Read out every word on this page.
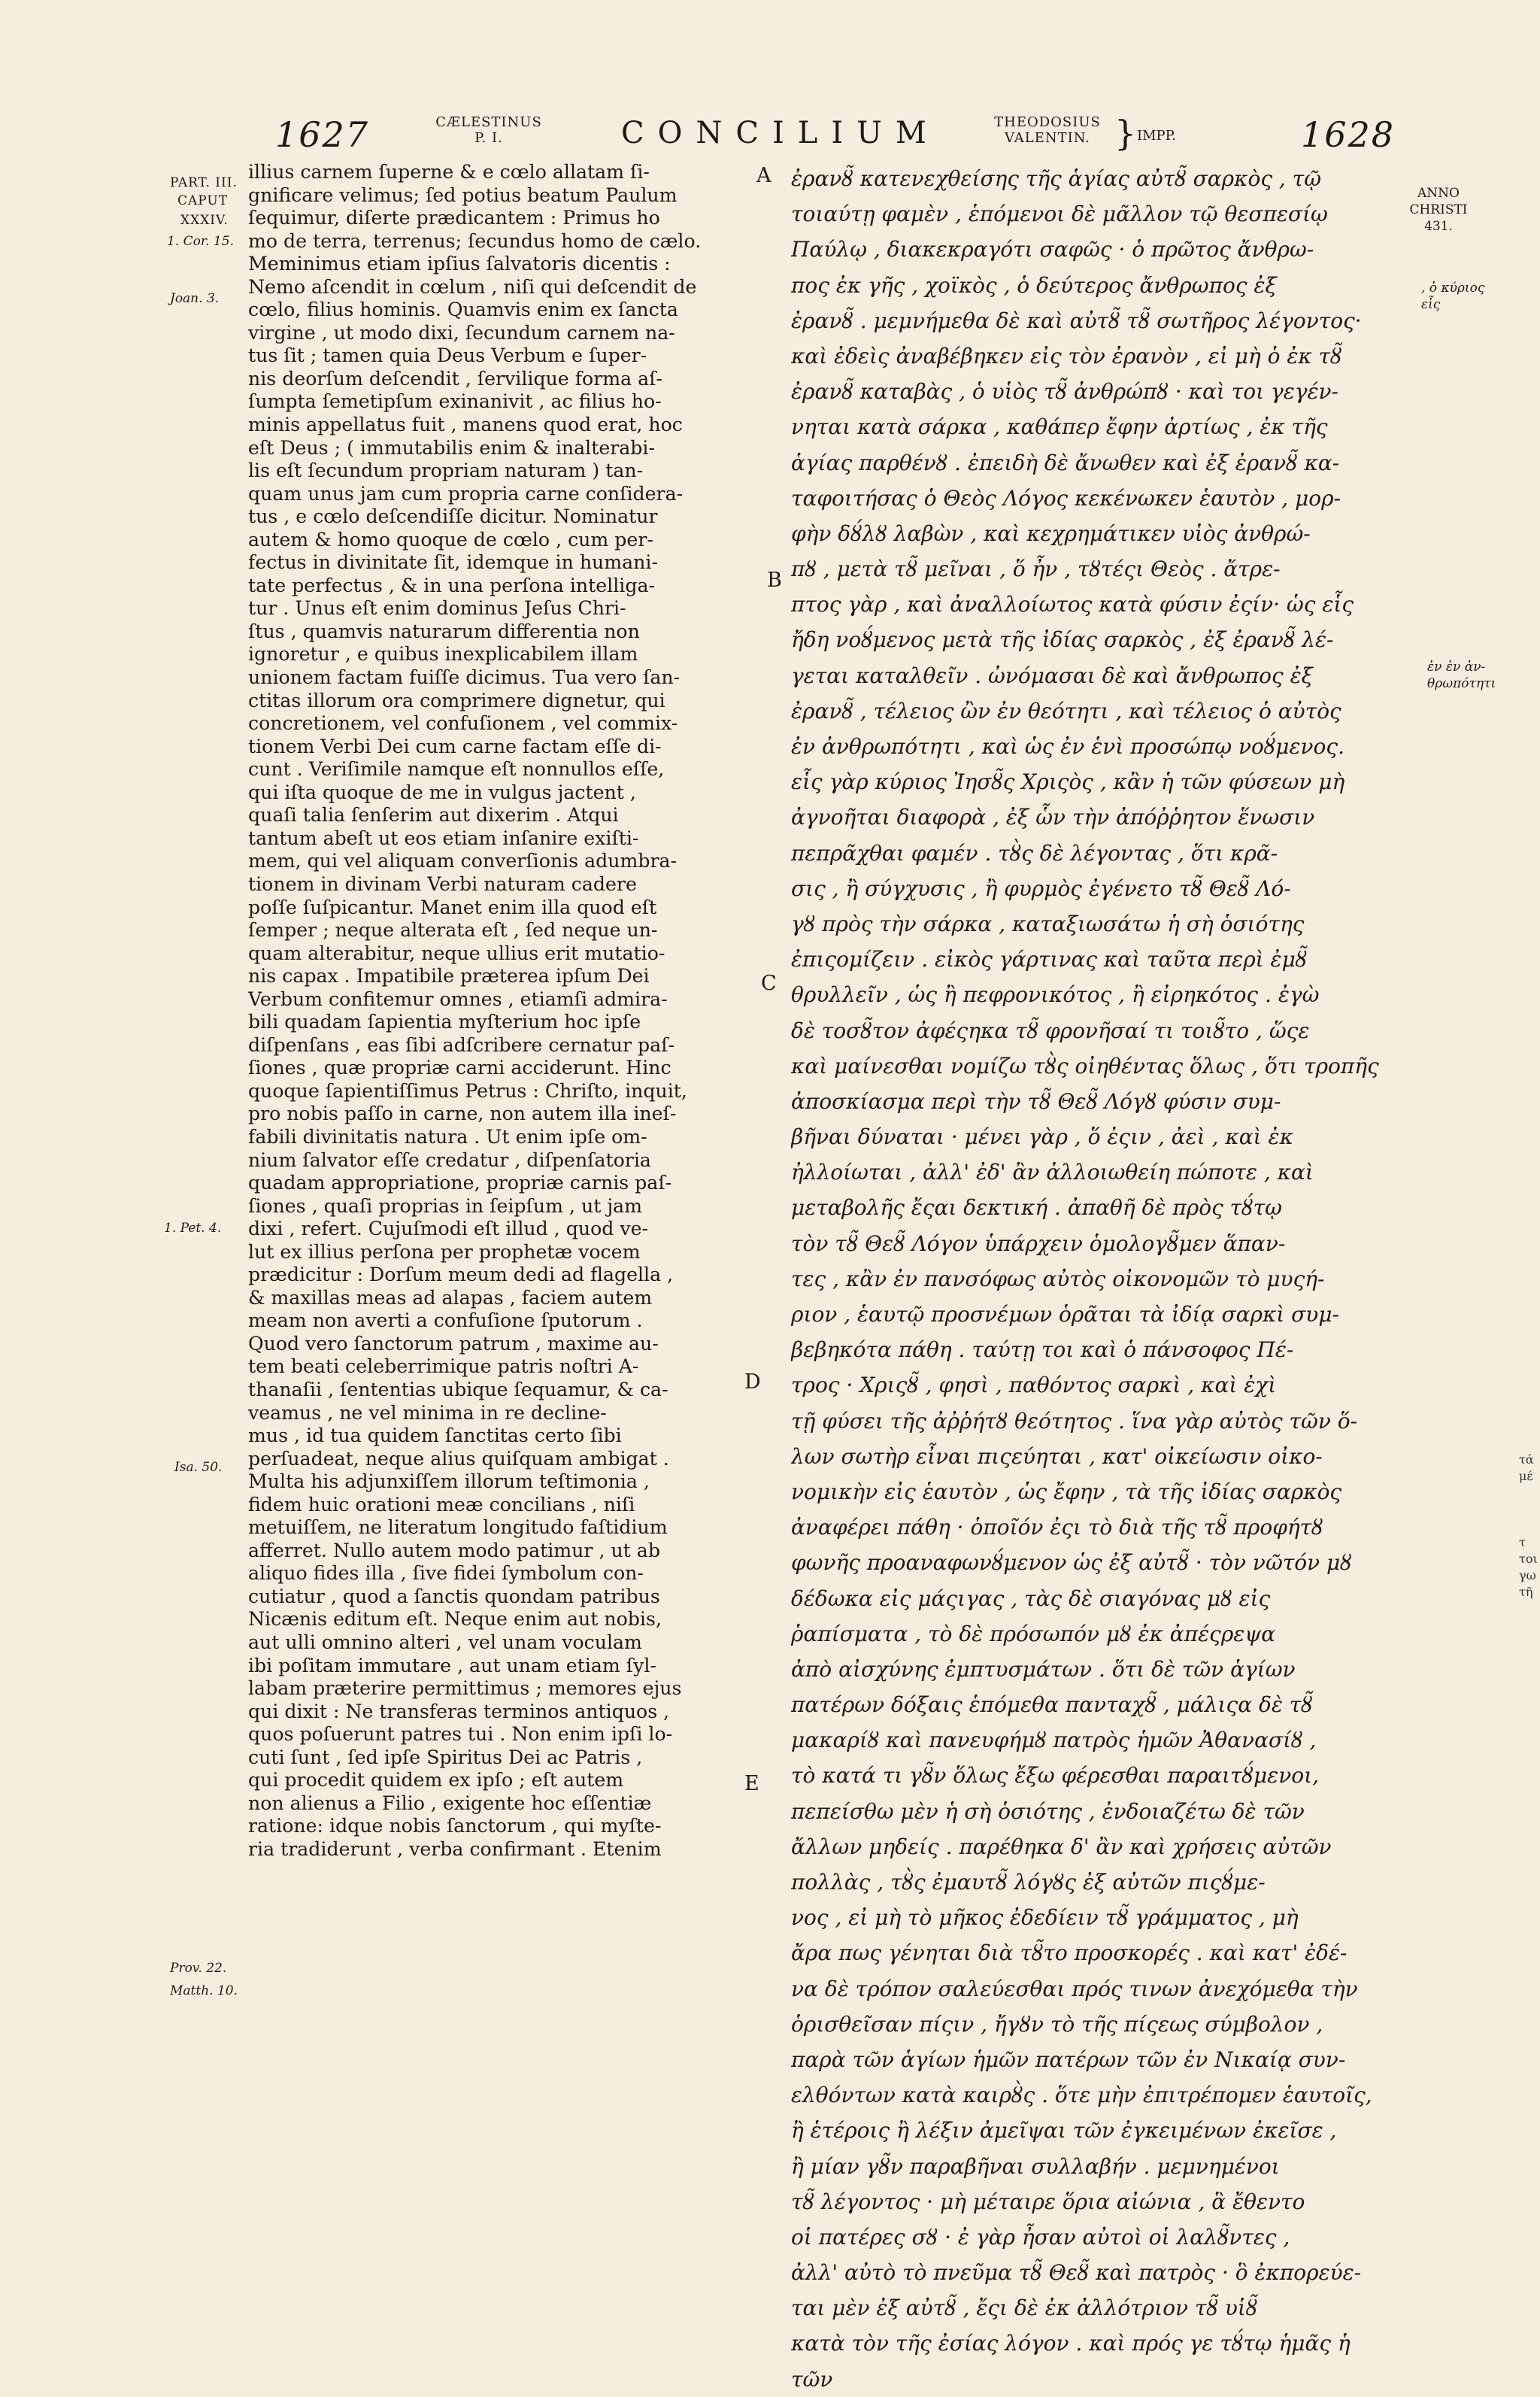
1627	CÆLESTINUS
P. I.	CONCILIUM	THEODOSIUS
VALENTIN. } IMPP.	1628
PART. III.
CAPUT
XXXIV.
1. Cor. 15.
Joan. 3.
1. Pet. 4.
Isa. 50.
Prov. 22.
Matth. 10.
illius carnem ſuperne & e cœlo allatam ſi-
gnificare velimus; ſed potius beatum Paulum
ſequimur, diſerte prædicantem : Primus ho
mo de terra, terrenus; ſecundus homo de cælo.
Meminimus etiam ipſius ſalvatoris dicentis :
Nemo aſcendit in cœlum , niſi qui deſcendit de
cœlo, filius hominis. Quamvis enim ex ſancta
virgine , ut modo dixi, ſecundum carnem na-
tus ſit ; tamen quia Deus Verbum e ſuper-
nis deorſum deſcendit , ſervilique forma aſ-
ſumpta ſemetipſum exinanivit , ac filius ho-
minis appellatus fuit , manens quod erat, hoc
eſt Deus ; ( immutabilis enim & inalterabi-
lis eſt ſecundum propriam naturam ) tan-
quam unus jam cum propria carne conſidera-
tus , e cœlo deſcendiſſe dicitur. Nominatur
autem & homo quoque de cœlo , cum per-
fectus in divinitate ſit, idemque in humani-
tate perfectus , & in una perſona intelliga-
tur . Unus eſt enim dominus Jeſus Chri-
ſtus , quamvis naturarum differentia non
ignoretur , e quibus inexplicabilem illam
unionem factam fuiſſe dicimus. Tua vero ſan-
ctitas illorum ora comprimere dignetur, qui
concretionem, vel confuſionem , vel commix-
tionem Verbi Dei cum carne factam eſſe di-
cunt . Veriſimile namque eſt nonnullos eſſe,
qui iſta quoque de me in vulgus jactent ,
quaſi talia ſenſerim aut dixerim . Atqui
tantum abeſt ut eos etiam inſanire exiſti-
mem, qui vel aliquam converſionis adumbra-
tionem in divinam Verbi naturam cadere
poſſe ſuſpicantur. Manet enim illa quod eſt
ſemper ; neque alterata eſt , ſed neque un-
quam alterabitur, neque ullius erit mutatio-
nis capax . Impatibile præterea ipſum Dei
Verbum confitemur omnes , etiamſi admira-
bili quadam ſapientia myſterium hoc ipſe
diſpenſans , eas ſibi adſcribere cernatur paſ-
ſiones , quæ propriæ carni acciderunt. Hinc
quoque ſapientiſſimus Petrus : Chriſto, inquit,
pro nobis paſſo in carne, non autem illa ineſ-
fabili divinitatis natura . Ut enim ipſe om-
nium ſalvator eſſe credatur , diſpenſatoria
quadam appropriatione, propriæ carnis paſ-
ſiones , quaſi proprias in ſeipſum , ut jam
dixi , refert. Cujuſmodi eſt illud , quod ve-
lut ex illius perſona per prophetæ vocem
prædicitur : Dorſum meum dedi ad flagella ,
& maxillas meas ad alapas , faciem autem
meam non averti a confuſione ſputorum .
Quod vero ſanctorum patrum , maxime au-
tem beati celeberrimique patris noſtri A-
thanaſii , ſententias ubique ſequamur, & ca-
veamus , ne vel minima in re decline-
mus , id tua quidem ſanctitas certo ſibi
perſuadeat, neque alius quiſquam ambigat .
Multa his adjunxiſſem illorum teſtimonia ,
fidem huic orationi meæ concilians , niſi
metuiſſem, ne literatum longitudo faſtidium
afferret. Nullo autem modo patimur , ut ab
aliquo fides illa , ſive fidei ſymbolum con-
cutiatur , quod a ſanctis quondam patribus
Nicænis editum eſt. Neque enim aut nobis,
aut ulli omnino alteri , vel unam voculam
ibi poſitam immutare , aut unam etiam ſyl-
labam præterire permittimus ; memores ejus
qui dixit : Ne transferas terminos antiquos ,
quos poſuerunt patres tui . Non enim ipſi lo-
cuti ſunt , ſed ipſe Spiritus Dei ac Patris ,
qui procedit quidem ex ipſo ; eſt autem
non alienus a Filio , exigente hoc eſſentiæ
ratione: idque nobis ſanctorum , qui myſte-
ria tradiderunt , verba confirmant . Etenim
A
B
C
D
E
ἐρανȣ̃ κατενεχθείσης τῆς ἁγίας αὐτȣ̃ σαρκὸς , τῷ
τοιαύτῃ φαμὲν , ἑπόμενοι δὲ μᾶλλον τῷ θεσπεσίῳ
Παύλῳ , διακεκραγότι σαφῶς · ὁ πρῶτος ἄνθρω-
πος ἐκ γῆς , χοϊκὸς , ὁ δεύτερος ἄνθρωπος ἐξ
ἐρανȣ̃ . μεμνήμεθα δὲ καὶ αὐτȣ̃ τȣ̃ σωτῆρος λέγοντος·
καὶ ἐδεὶς ἀναβέβηκεν εἰς τὸν ἐρανὸν , εἰ μὴ ὁ ἐκ τȣ̃
ἐρανȣ̃ καταβὰς , ὁ υἱὸς τȣ̃ ἀνθρώπȣ · καὶ τοι γεγέν-
νηται κατὰ σάρκα , καθάπερ ἔφην ἀρτίως , ἐκ τῆς
ἁγίας παρθένȣ . ἐπειδὴ δὲ ἄνωθεν καὶ ἐξ ἐρανȣ̃ κα-
ταφοιτήσας ὁ Θεὸς Λόγος κεκένωκεν ἑαυτὸν , μορ-
φὴν δȣ́λȣ λαβὼν , καὶ κεχρημάτικεν υἱὸς ἀνθρώ-
πȣ , μετὰ τȣ̃ μεῖναι , ὅ ἦν , τȣτέςι Θεὸς . ἄτρε-
πτος γὰρ , καὶ ἀναλλοίωτος κατὰ φύσιν ἐςίν· ὡς εἷς
ἤδη νοȣ́μενος μετὰ τῆς ἰδίας σαρκὸς , ἐξ ἐρανȣ̃ λέ-
γεται καταλθεῖν . ὠνόμασαι δὲ καὶ ἄνθρωπος ἐξ
ἐρανȣ̃ , τέλειος ὢν ἐν θεότητι , καὶ τέλειος ὁ αὐτὸς
ἐν ἀνθρωπότητι , καὶ ὡς ἐν ἑνὶ προσώπῳ νοȣ́μενος.
εἷς γὰρ κύριος Ἰησȣ̃ς Χριςὸς , κἂν ἡ τῶν φύσεων μὴ
ἀγνοῆται διαφορὰ , ἐξ ὧν τὴν ἀπόῤῥητον ἕνωσιν
πεπρᾶχθαι φαμέν . τȣ̀ς δὲ λέγοντας , ὅτι κρᾶ-
σις , ἢ σύγχυσις , ἢ φυρμὸς ἐγένετο τȣ̃ Θεȣ̃ Λό-
γȣ πρὸς τὴν σάρκα , καταξιωσάτω ἡ σὴ ὁσιότης
ἐπιςομίζειν . εἰκὸς γάρτινας καὶ ταῦτα περὶ ἐμȣ̃
θρυλλεῖν , ὡς ἢ πεφρονικότος , ἢ εἰρηκότος . ἐγὼ
δὲ τοσȣ̃τον ἀφέςηκα τȣ̃ φρονῆσαί τι τοιȣ̃το , ὥςε
καὶ μαίνεσθαι νομίζω τȣ̀ς οἰηθέντας ὅλως , ὅτι τροπῆς
ἀποσκίασμα περὶ τὴν τȣ̃ Θεȣ̃ Λόγȣ φύσιν συμ-
βῆναι δύναται · μένει γὰρ , ὅ ἐςιν , ἀεὶ , καὶ ἐκ
ἠλλοίωται , ἀλλ' ἐδ' ἂν ἀλλοιωθείη πώποτε , καὶ
μεταβολῆς ἔςαι δεκτική . ἀπαθῆ δὲ πρὸς τȣ́τῳ
τὸν τȣ̃ Θεȣ̃ Λόγον ὑπάρχειν ὁμολογȣ̃μεν ἅπαν-
τες , κἂν ἐν πανσόφως αὐτὸς οἰκονομῶν τὸ μυςή-
ριον , ἑαυτῷ προσνέμων ὁρᾶται τὰ ἰδίᾳ σαρκὶ συμ-
βεβηκότα πάθη . ταύτῃ τοι καὶ ὁ πάνσοφος Πέ-
τρος · Χριςȣ̃ , φησὶ , παθόντος σαρκὶ , καὶ ἐχὶ
τῇ φύσει τῆς ἀῤῥήτȣ θεότητος . ἵνα γὰρ αὐτὸς τῶν ὅ-
λων σωτὴρ εἶναι πιςεύηται , κατ' οἰκείωσιν οἰκο-
νομικὴν εἰς ἑαυτὸν , ὡς ἔφην , τὰ τῆς ἰδίας σαρκὸς
ἀναφέρει πάθη · ὁποῖόν ἐςι τὸ διὰ τῆς τȣ̃ προφήτȣ
φωνῆς προαναφωνȣ́μενον ὡς ἐξ αὐτȣ̃ · τὸν νῶτόν μȣ
δέδωκα εἰς μάςιγας , τὰς δὲ σιαγόνας μȣ εἰς
ῥαπίσματα , τὸ δὲ πρόσωπόν μȣ ἐκ ἀπέςρεψα
ἀπὸ αἰσχύνης ἐμπτυσμάτων . ὅτι δὲ τῶν ἁγίων
πατέρων δόξαις ἑπόμεθα πανταχȣ̃ , μάλιςα δὲ τȣ̃
μακαρίȣ καὶ πανευφήμȣ πατρὸς ἡμῶν Ἀθανασίȣ ,
τὸ κατά τι γȣ̃ν ὅλως ἔξω φέρεσθαι παραιτȣ́μενοι,
πεπείσθω μὲν ἡ σὴ ὁσιότης , ἐνδοιαζέτω δὲ τῶν
ἄλλων μηδείς . παρέθηκα δ' ἂν καὶ χρήσεις αὐτῶν
πολλὰς , τȣ̀ς ἐμαυτȣ̃ λόγȣς ἐξ αὐτῶν πιςȣ́με-
νος , εἰ μὴ τὸ μῆκος ἐδεδίειν τȣ̃ γράμματος , μὴ
ἄρα πως γένηται διὰ τȣ̃το προσκορές . καὶ κατ' ἐδέ-
να δὲ τρόπον σαλεύεσθαι πρός τινων ἀνεχόμεθα τὴν
ὁρισθεῖσαν πίςιν , ἤγȣν τὸ τῆς πίςεως σύμβολον ,
παρὰ τῶν ἁγίων ἡμῶν πατέρων τῶν ἐν Νικαίᾳ συν-
ελθόντων κατὰ καιρȣ̀ς . ὅτε μὴν ἐπιτρέπομεν ἑαυτοῖς,
ἢ ἑτέροις ἢ λέξιν ἀμεῖψαι τῶν ἐγκειμένων ἐκεῖσε ,
ἢ μίαν γȣ̃ν παραβῆναι συλλαβήν . μεμνημένοι
τȣ̃ λέγοντος · μὴ μέταιρε ὅρια αἰώνια , ἃ ἔθεντο
οἱ πατέρες σȣ · ἐ γὰρ ἦσαν αὐτοὶ οἱ λαλȣ̃ντες ,
ἀλλ' αὐτὸ τὸ πνεῦμα τȣ̃ Θεȣ̃ καὶ πατρὸς · ὃ ἐκπορεύε-
ται μὲν ἐξ αὐτȣ̃ , ἔςι δὲ ἐκ ἀλλότριον τȣ̃ υἱȣ̃
κατὰ τὸν τῆς ἐσίας λόγον . καὶ πρός γε τȣ́τῳ ἡμᾶς ἡ
τῶν
ANNO
CHRISTI
431.
, ὁ κύριος
εἷς
ἐν ἐν ἀν-
θρωπότητι
τά
μέ

τ
τοι
γω
τῆ
